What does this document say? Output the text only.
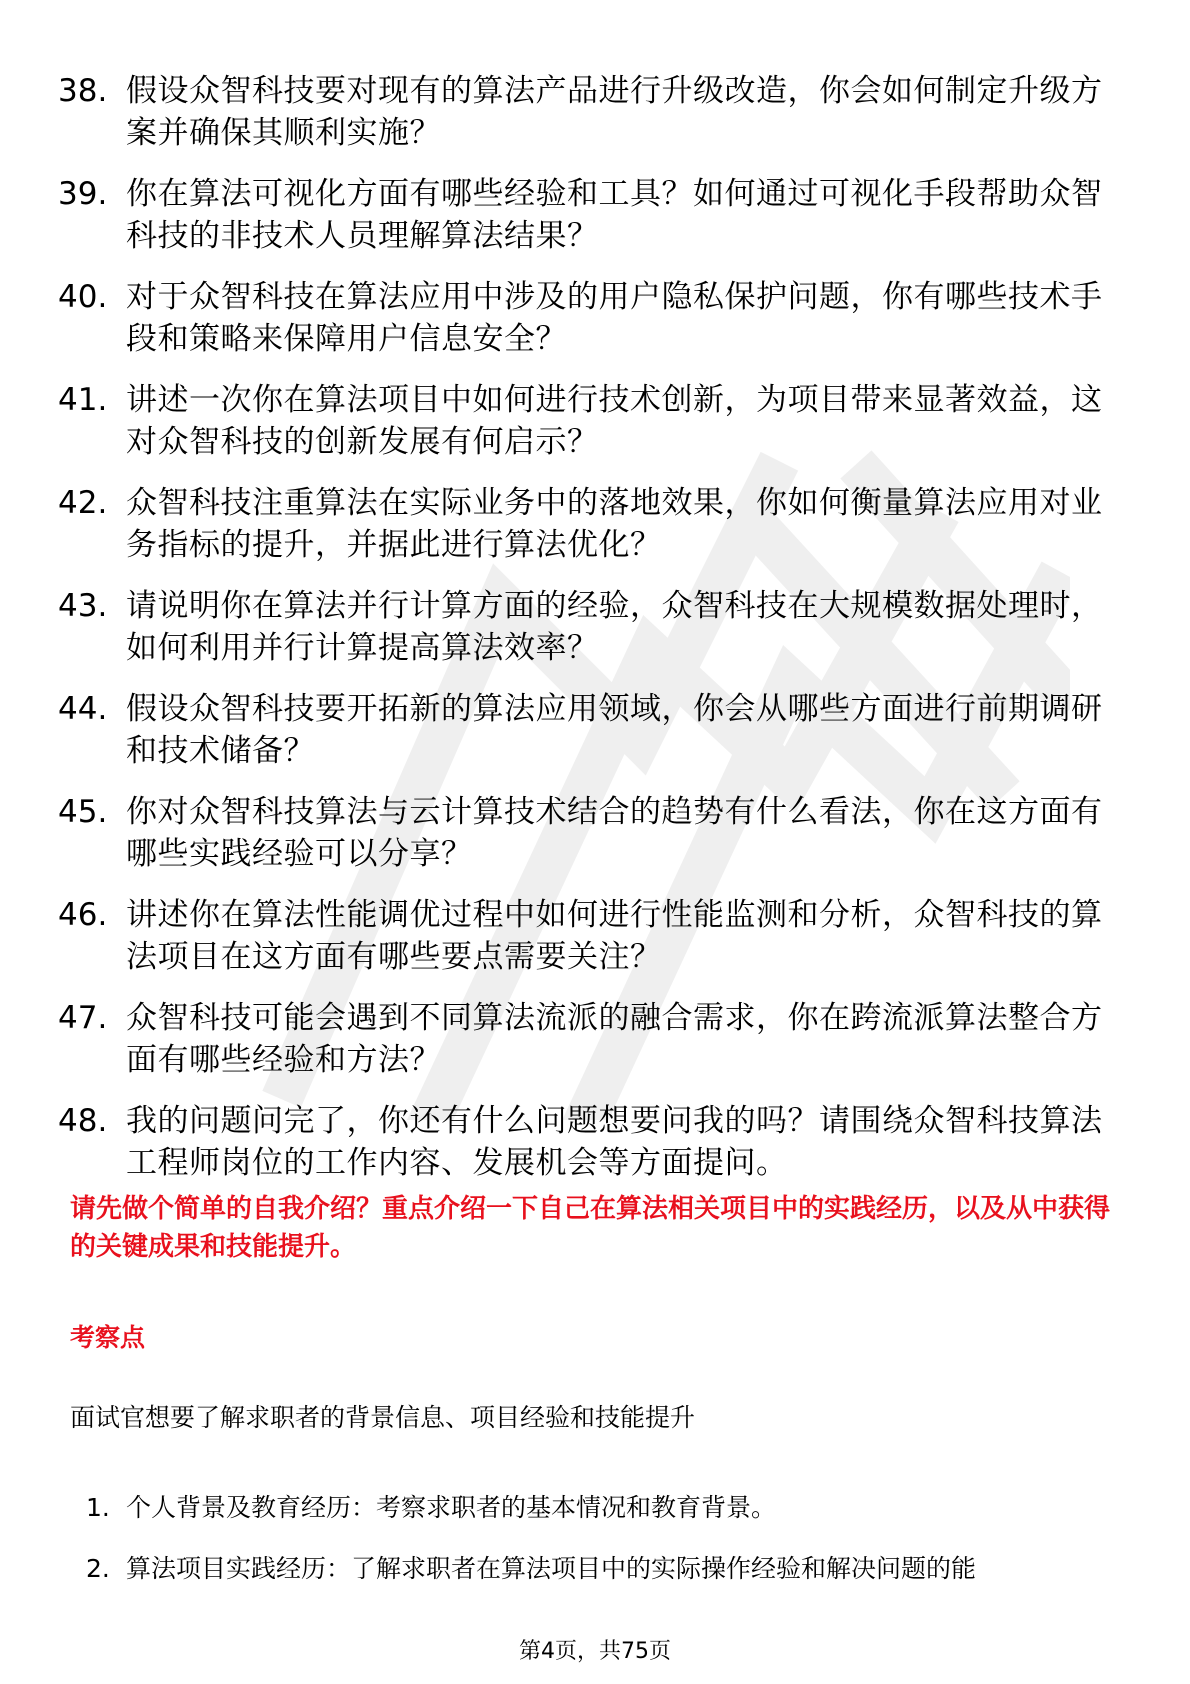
38. 假设众智科技要对现有的算法产品进行升级改造，你会如何制定升级方案并确保其顺利实施？
39. 你在算法可视化方面有哪些经验和工具？如何通过可视化手段帮助众智科技的非技术人员理解算法结果？
40. 对于众智科技在算法应用中涉及的用户隐私保护问题，你有哪些技术手段和策略来保障用户信息安全？
41. 讲述一次你在算法项目中如何进行技术创新，为项目带来显著效益，这对众智科技的创新发展有何启示？
42. 众智科技注重算法在实际业务中的落地效果，你如何衡量算法应用对业务指标的提升，并据此进行算法优化？
43. 请说明你在算法并行计算方面的经验，众智科技在大规模数据处理时，如何利用并行计算提高算法效率？
44. 假设众智科技要开拓新的算法应用领域，你会从哪些方面进行前期调研和技术储备？
45. 你对众智科技算法与云计算技术结合的趋势有什么看法，你在这方面有哪些实践经验可以分享？
46. 讲述你在算法性能调优过程中如何进行性能监测和分析，众智科技的算法项目在这方面有哪些要点需要关注？
47. 众智科技可能会遇到不同算法流派的融合需求，你在跨流派算法整合方面有哪些经验和方法？
48. 我的问题问完了，你还有什么问题想要问我的吗？请围绕众智科技算法工程师岗位的工作内容、发展机会等方面提问。

请先做个简单的自我介绍？重点介绍一下自己在算法相关项目中的实践经历，以及从中获得的关键成果和技能提升。

考察点

面试官想要了解求职者的背景信息、项目经验和技能提升

1. 个人背景及教育经历：考察求职者的基本情况和教育背景。
2. 算法项目实践经历：了解求职者在算法项目中的实际操作经验和解决问题的能
第4页，共75页
